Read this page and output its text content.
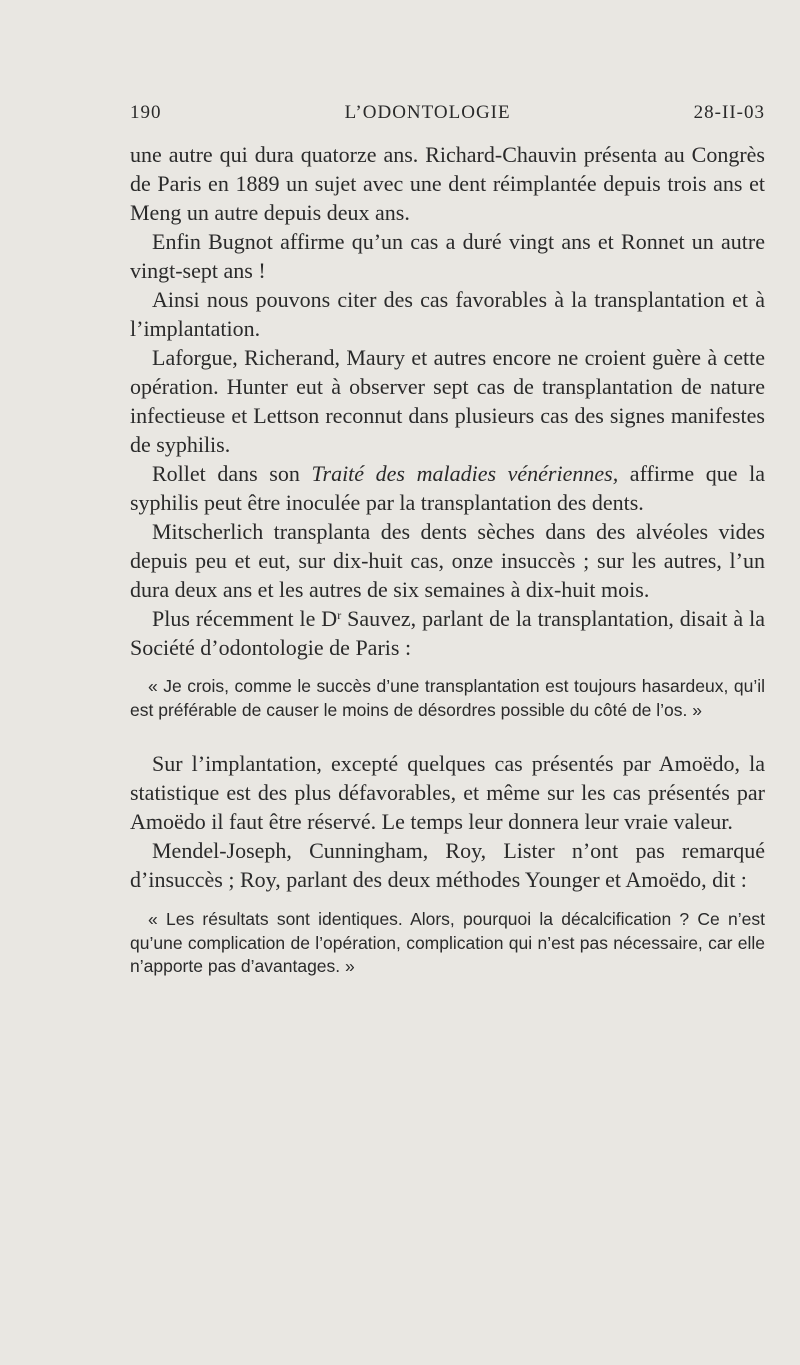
190	L’ODONTOLOGIE	28-II-03

une autre qui dura quatorze ans. Richard-Chauvin présenta au Congrès de Paris en 1889 un sujet avec une dent réimplantée depuis trois ans et Meng un autre depuis deux ans.

Enfin Bugnot affirme qu’un cas a duré vingt ans et Ronnet un autre vingt-sept ans !

Ainsi nous pouvons citer des cas favorables à la transplantation et à l’implantation.

Laforgue, Richerand, Maury et autres encore ne croient guère à cette opération. Hunter eut à observer sept cas de transplantation de nature infectieuse et Lettson reconnut dans plusieurs cas des signes manifestes de syphilis.

Rollet dans son Traité des maladies vénériennes, affirme que la syphilis peut être inoculée par la transplantation des dents.

Mitscherlich transplanta des dents sèches dans des alvéoles vides depuis peu et eut, sur dix-huit cas, onze insuccès ; sur les autres, l’un dura deux ans et les autres de six semaines à dix-huit mois.

Plus récemment le $D^r$ Sauvez, parlant de la transplantation, disait à la Société d’odontologie de Paris :

« Je crois, comme le succès d’une transplantation est toujours hasardeux, qu’il est préférable de causer le moins de désordres possible du côté de l’os. »

Sur l’implantation, excepté quelques cas présentés par Amoëdo, la statistique est des plus défavorables, et même sur les cas présentés par Amoëdo il faut être réservé. Le temps leur donnera leur vraie valeur.

Mendel-Joseph, Cunningham, Roy, Lister n’ont pas remarqué d’insuccès ; Roy, parlant des deux méthodes Younger et Amoëdo, dit :

« Les résultats sont identiques. Alors, pourquoi la décalcification ? Ce n’est qu’une complication de l’opération, complication qui n’est pas nécessaire, car elle n’apporte pas d’avantages. »
